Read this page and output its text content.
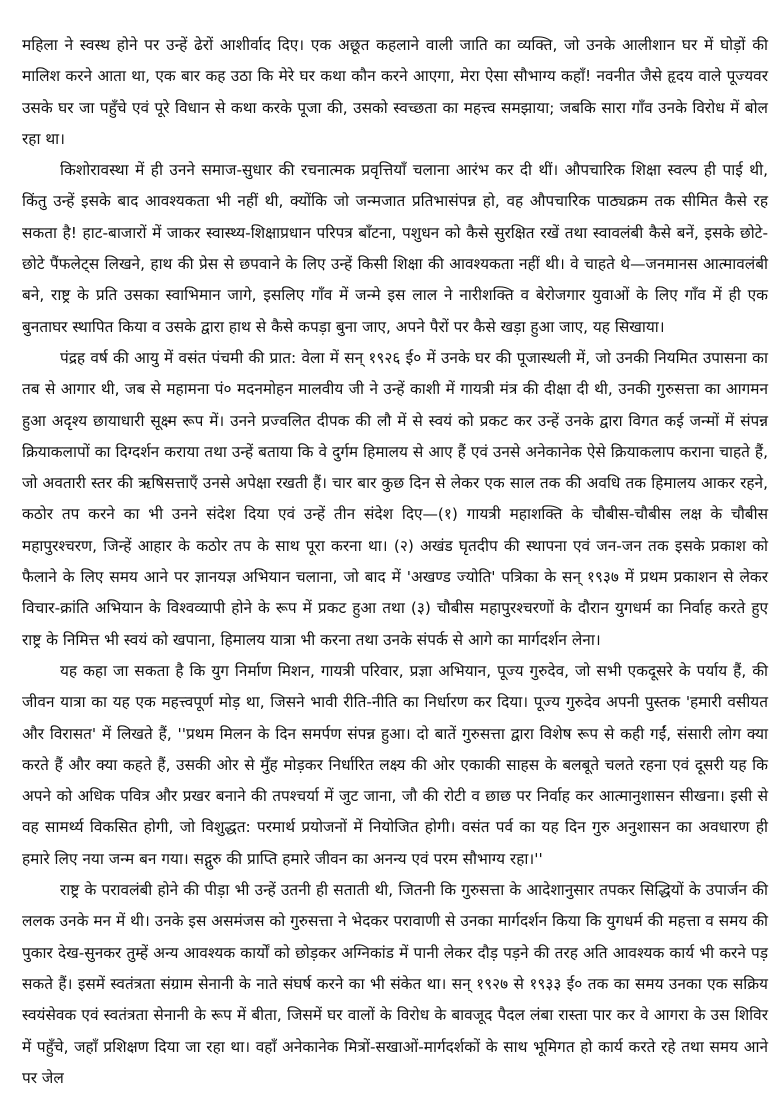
महिला ने स्वस्थ होने पर उन्हें ढेरों आशीर्वाद दिए। एक अछूत कहलाने वाली जाति का व्यक्ति, जो उनके आलीशान घर में घोड़ों की मालिश करने आता था, एक बार कह उठा कि मेरे घर कथा कौन करने आएगा, मेरा ऐसा सौभाग्य कहाँ! नवनीत जैसे हृदय वाले पूज्यवर उसके घर जा पहुँचे एवं पूरे विधान से कथा करके पूजा की, उसको स्वच्छता का महत्त्व समझाया; जबकि सारा गाँव उनके विरोध में बोल रहा था।

किशोरावस्था में ही उनने समाज-सुधार की रचनात्मक प्रवृत्तियाँ चलाना आरंभ कर दी थीं। औपचारिक शिक्षा स्वल्प ही पाई थी, किंतु उन्हें इसके बाद आवश्यकता भी नहीं थी, क्योंकि जो जन्मजात प्रतिभासंपन्न हो, वह औपचारिक पाठ्यक्रम तक सीमित कैसे रह सकता है! हाट-बाजारों में जाकर स्वास्थ्य-शिक्षाप्रधान परिपत्र बाँटना, पशुधन को कैसे सुरक्षित रखें तथा स्वावलंबी कैसे बनें, इसके छोटे-छोटे पैंफलेट्स लिखने, हाथ की प्रेस से छपवाने के लिए उन्हें किसी शिक्षा की आवश्यकता नहीं थी। वे चाहते थे—जनमानस आत्मावलंबी बने, राष्ट्र के प्रति उसका स्वाभिमान जागे, इसलिए गाँव में जन्मे इस लाल ने नारीशक्ति व बेरोजगार युवाओं के लिए गाँव में ही एक बुनताघर स्थापित किया व उसके द्वारा हाथ से कैसे कपड़ा बुना जाए, अपने पैरों पर कैसे खड़ा हुआ जाए, यह सिखाया।

पंद्रह वर्ष की आयु में वसंत पंचमी की प्रात: वेला में सन् १९२६ ई० में उनके घर की पूजास्थली में, जो उनकी नियमित उपासना का तब से आगार थी, जब से महामना पं० मदनमोहन मालवीय जी ने उन्हें काशी में गायत्री मंत्र की दीक्षा दी थी, उनकी गुरुसत्ता का आगमन हुआ अदृश्य छायाधारी सूक्ष्म रूप में। उनने प्रज्वलित दीपक की लौ में से स्वयं को प्रकट कर उन्हें उनके द्वारा विगत कई जन्मों में संपन्न क्रियाकलापों का दिग्दर्शन कराया तथा उन्हें बताया कि वे दुर्गम हिमालय से आए हैं एवं उनसे अनेकानेक ऐसे क्रियाकलाप कराना चाहते हैं, जो अवतारी स्तर की ऋषिसत्ताएँ उनसे अपेक्षा रखती हैं। चार बार कुछ दिन से लेकर एक साल तक की अवधि तक हिमालय आकर रहने, कठोर तप करने का भी उनने संदेश दिया एवं उन्हें तीन संदेश दिए—(१) गायत्री महाशक्ति के चौबीस-चौबीस लक्ष के चौबीस महापुरश्चरण, जिन्हें आहार के कठोर तप के साथ पूरा करना था। (२) अखंड घृतदीप की स्थापना एवं जन-जन तक इसके प्रकाश को फैलाने के लिए समय आने पर ज्ञानयज्ञ अभियान चलाना, जो बाद में 'अखण्ड ज्योति' पत्रिका के सन् १९३७ में प्रथम प्रकाशन से लेकर विचार-क्रांति अभियान के विश्वव्यापी होने के रूप में प्रकट हुआ तथा (३) चौबीस महापुरश्चरणों के दौरान युगधर्म का निर्वाह करते हुए राष्ट्र के निमित्त भी स्वयं को खपाना, हिमालय यात्रा भी करना तथा उनके संपर्क से आगे का मार्गदर्शन लेना।

यह कहा जा सकता है कि युग निर्माण मिशन, गायत्री परिवार, प्रज्ञा अभियान, पूज्य गुरुदेव, जो सभी एकदूसरे के पर्याय हैं, की जीवन यात्रा का यह एक महत्त्वपूर्ण मोड़ था, जिसने भावी रीति-नीति का निर्धारण कर दिया। पूज्य गुरुदेव अपनी पुस्तक 'हमारी वसीयत और विरासत' में लिखते हैं, ''प्रथम मिलन के दिन समर्पण संपन्न हुआ। दो बातें गुरुसत्ता द्वारा विशेष रूप से कही गईं, संसारी लोग क्या करते हैं और क्या कहते हैं, उसकी ओर से मुँह मोड़कर निर्धारित लक्ष्य की ओर एकाकी साहस के बलबूते चलते रहना एवं दूसरी यह कि अपने को अधिक पवित्र और प्रखर बनाने की तपश्चर्या में जुट जाना, जौ की रोटी व छाछ पर निर्वाह कर आत्मानुशासन सीखना। इसी से वह सामर्थ्य विकसित होगी, जो विशुद्धत: परमार्थ प्रयोजनों में नियोजित होगी। वसंत पर्व का यह दिन गुरु अनुशासन का अवधारण ही हमारे लिए नया जन्म बन गया। सद्गुरु की प्राप्ति हमारे जीवन का अनन्य एवं परम सौभाग्य रहा।''

राष्ट्र के परावलंबी होने की पीड़ा भी उन्हें उतनी ही सताती थी, जितनी कि गुरुसत्ता के आदेशानुसार तपकर सिद्धियों के उपार्जन की ललक उनके मन में थी। उनके इस असमंजस को गुरुसत्ता ने भेदकर परावाणी से उनका मार्गदर्शन किया कि युगधर्म की महत्ता व समय की पुकार देख-सुनकर तुम्हें अन्य आवश्यक कार्यों को छोड़कर अग्निकांड में पानी लेकर दौड़ पड़ने की तरह अति आवश्यक कार्य भी करने पड़ सकते हैं। इसमें स्वतंत्रता संग्राम सेनानी के नाते संघर्ष करने का भी संकेत था। सन् १९२७ से १९३३ ई० तक का समय उनका एक सक्रिय स्वयंसेवक एवं स्वतंत्रता सेनानी के रूप में बीता, जिसमें घर वालों के विरोध के बावजूद पैदल लंबा रास्ता पार कर वे आगरा के उस शिविर में पहुँचे, जहाँ प्रशिक्षण दिया जा रहा था। वहाँ अनेकानेक मित्रों-सखाओं-मार्गदर्शकों के साथ भूमिगत हो कार्य करते रहे तथा समय आने पर जेल
